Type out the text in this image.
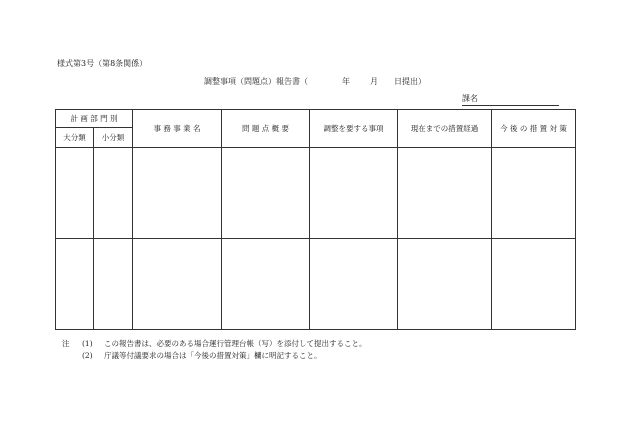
様式第3号（第8条関係）
調整事項（問題点）報告書（	年	月 日提出）
課名
計 画 部 門 別		事 務 事 業 名	問 題 点 概 要	調整を要する事項	現在までの措置経過	今 後 の 措 置 対 策
大分類	小分類					

注	(1)	この報告書は、必要のある場合運行管理台帳（写）を添付して提出すること。
(2)	庁議等付議要求の場合は「今後の措置対策」欄に明記すること。
